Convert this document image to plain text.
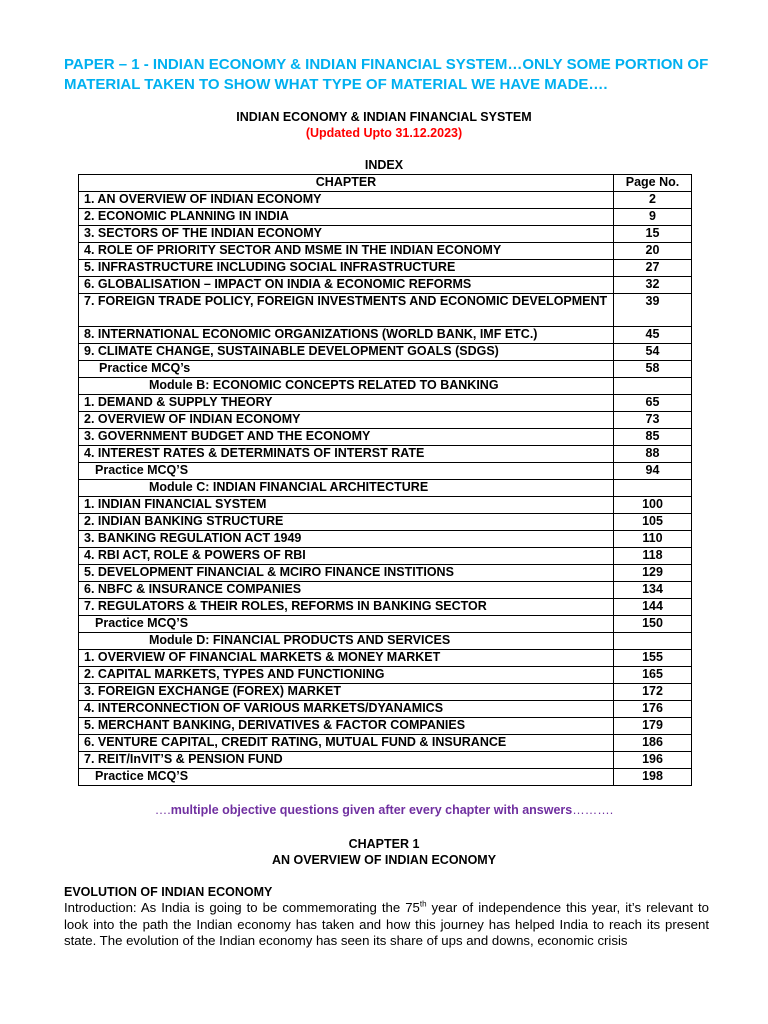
PAPER – 1 - INDIAN ECONOMY & INDIAN FINANCIAL SYSTEM…ONLY SOME PORTION OF MATERIAL TAKEN TO SHOW WHAT TYPE OF MATERIAL WE HAVE MADE….

INDIAN ECONOMY & INDIAN FINANCIAL SYSTEM

(Updated Upto 31.12.2023)

INDEX

CHAPTER	Page No.
1. AN OVERVIEW OF INDIAN ECONOMY	2
2. ECONOMIC PLANNING IN INDIA	9
3. SECTORS OF THE INDIAN ECONOMY	15
4. ROLE OF PRIORITY SECTOR AND MSME IN THE INDIAN ECONOMY	20
5. INFRASTRUCTURE INCLUDING SOCIAL INFRASTRUCTURE	27
6. GLOBALISATION – IMPACT ON INDIA & ECONOMIC REFORMS	32
7. FOREIGN TRADE POLICY, FOREIGN INVESTMENTS AND ECONOMIC DEVELOPMENT	39
8. INTERNATIONAL ECONOMIC ORGANIZATIONS (WORLD BANK, IMF ETC.)	45
9. CLIMATE CHANGE, SUSTAINABLE DEVELOPMENT GOALS (SDGS)	54
Practice MCQ’s	58
Module B: ECONOMIC CONCEPTS RELATED TO BANKING	
1. DEMAND & SUPPLY THEORY	65
2. OVERVIEW OF INDIAN ECONOMY	73
3. GOVERNMENT BUDGET AND THE ECONOMY	85
4. INTEREST RATES & DETERMINATS OF INTERST RATE	88
Practice MCQ’S	94
Module C: INDIAN FINANCIAL ARCHITECTURE	
1. INDIAN FINANCIAL SYSTEM	100
2. INDIAN BANKING STRUCTURE	105
3. BANKING REGULATION ACT 1949	110
4. RBI ACT, ROLE & POWERS OF RBI	118
5. DEVELOPMENT FINANCIAL & MCIRO FINANCE INSTITIONS	129
6. NBFC & INSURANCE COMPANIES	134
7. REGULATORS & THEIR ROLES, REFORMS IN BANKING SECTOR	144
Practice MCQ’S	150
Module D: FINANCIAL PRODUCTS AND SERVICES	
1. OVERVIEW OF FINANCIAL MARKETS & MONEY MARKET	155
2. CAPITAL MARKETS, TYPES AND FUNCTIONING	165
3. FOREIGN EXCHANGE (FOREX) MARKET	172
4. INTERCONNECTION OF VARIOUS MARKETS/DYANAMICS	176
5. MERCHANT BANKING, DERIVATIVES & FACTOR COMPANIES	179
6. VENTURE CAPITAL, CREDIT RATING, MUTUAL FUND & INSURANCE	186
7. REIT/InVIT’S & PENSION FUND	196
Practice MCQ’S	198

….multiple objective questions given after every chapter with answers……….

CHAPTER 1

AN OVERVIEW OF INDIAN ECONOMY

EVOLUTION OF INDIAN ECONOMY

Introduction: As India is going to be commemorating the 75th year of independence this year, it’s relevant to look into the path the Indian economy has taken and how this journey has helped India to reach its present state. The evolution of the Indian economy has seen its share of ups and downs, economic crisis
